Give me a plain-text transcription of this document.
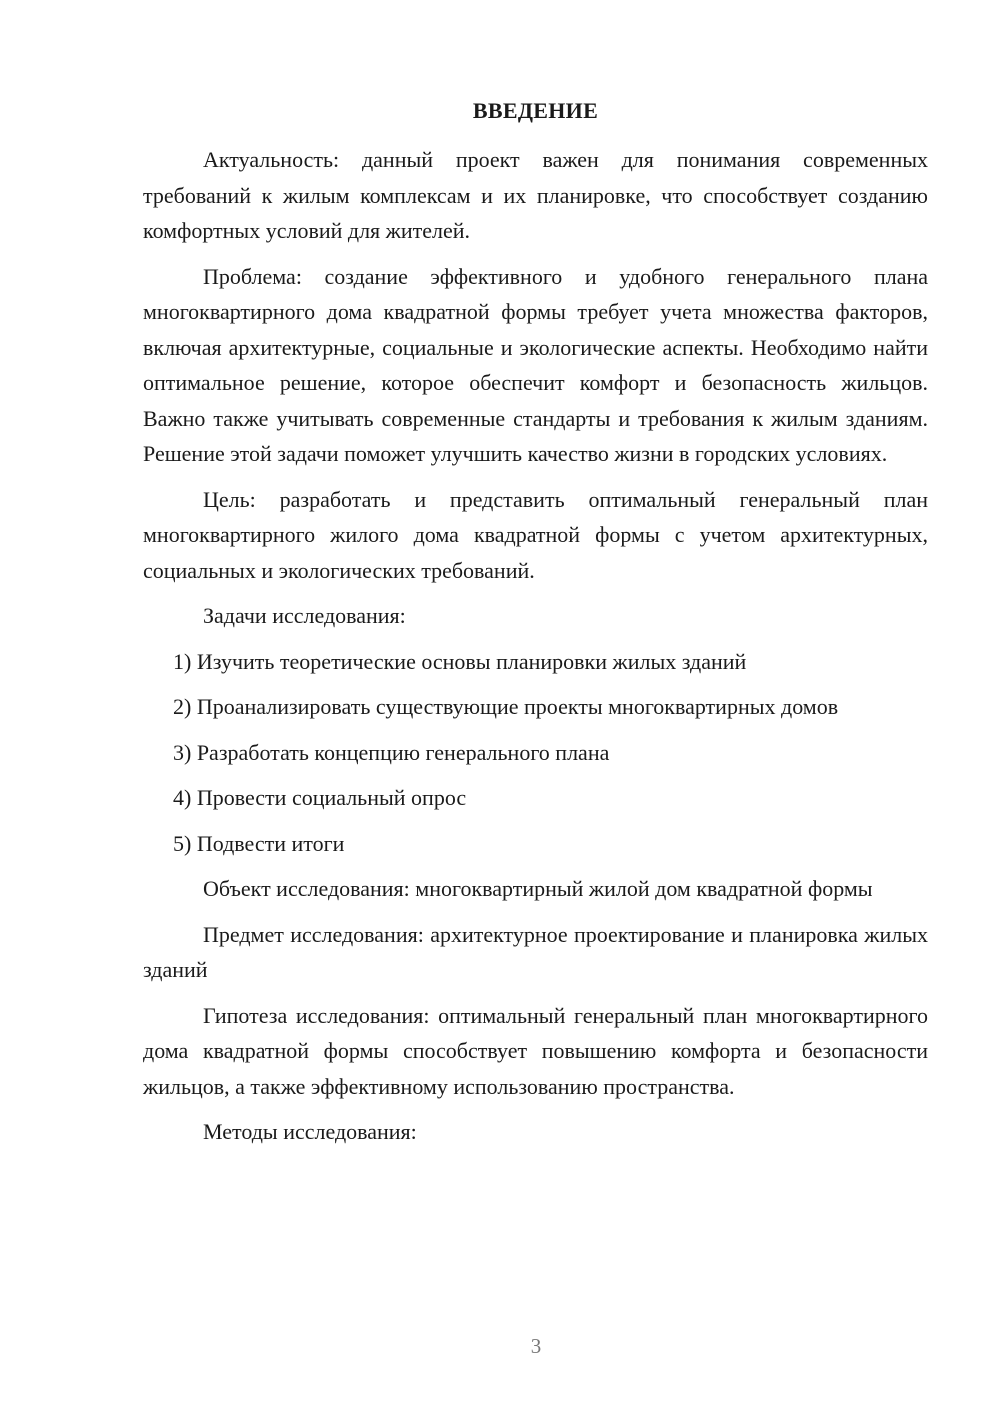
ВВЕДЕНИЕ

Актуальность: данный проект важен для понимания современных требований к жилым комплексам и их планировке, что способствует созданию комфортных условий для жителей.

Проблема: создание эффективного и удобного генерального плана многоквартирного дома квадратной формы требует учета множества факторов, включая архитектурные, социальные и экологические аспекты. Необходимо найти оптимальное решение, которое обеспечит комфорт и безопасность жильцов. Важно также учитывать современные стандарты и требования к жилым зданиям. Решение этой задачи поможет улучшить качество жизни в городских условиях.

Цель: разработать и представить оптимальный генеральный план многоквартирного жилого дома квадратной формы с учетом архитектурных, социальных и экологических требований.

Задачи исследования:

1) Изучить теоретические основы планировки жилых зданий

2) Проанализировать существующие проекты многоквартирных домов

3) Разработать концепцию генерального плана

4) Провести социальный опрос

5) Подвести итоги

Объект исследования: многоквартирный жилой дом квадратной формы

Предмет исследования: архитектурное проектирование и планировка жилых зданий

Гипотеза исследования: оптимальный генеральный план многоквартирного дома квадратной формы способствует повышению комфорта и безопасности жильцов, а также эффективному использованию пространства.

Методы исследования:

3
